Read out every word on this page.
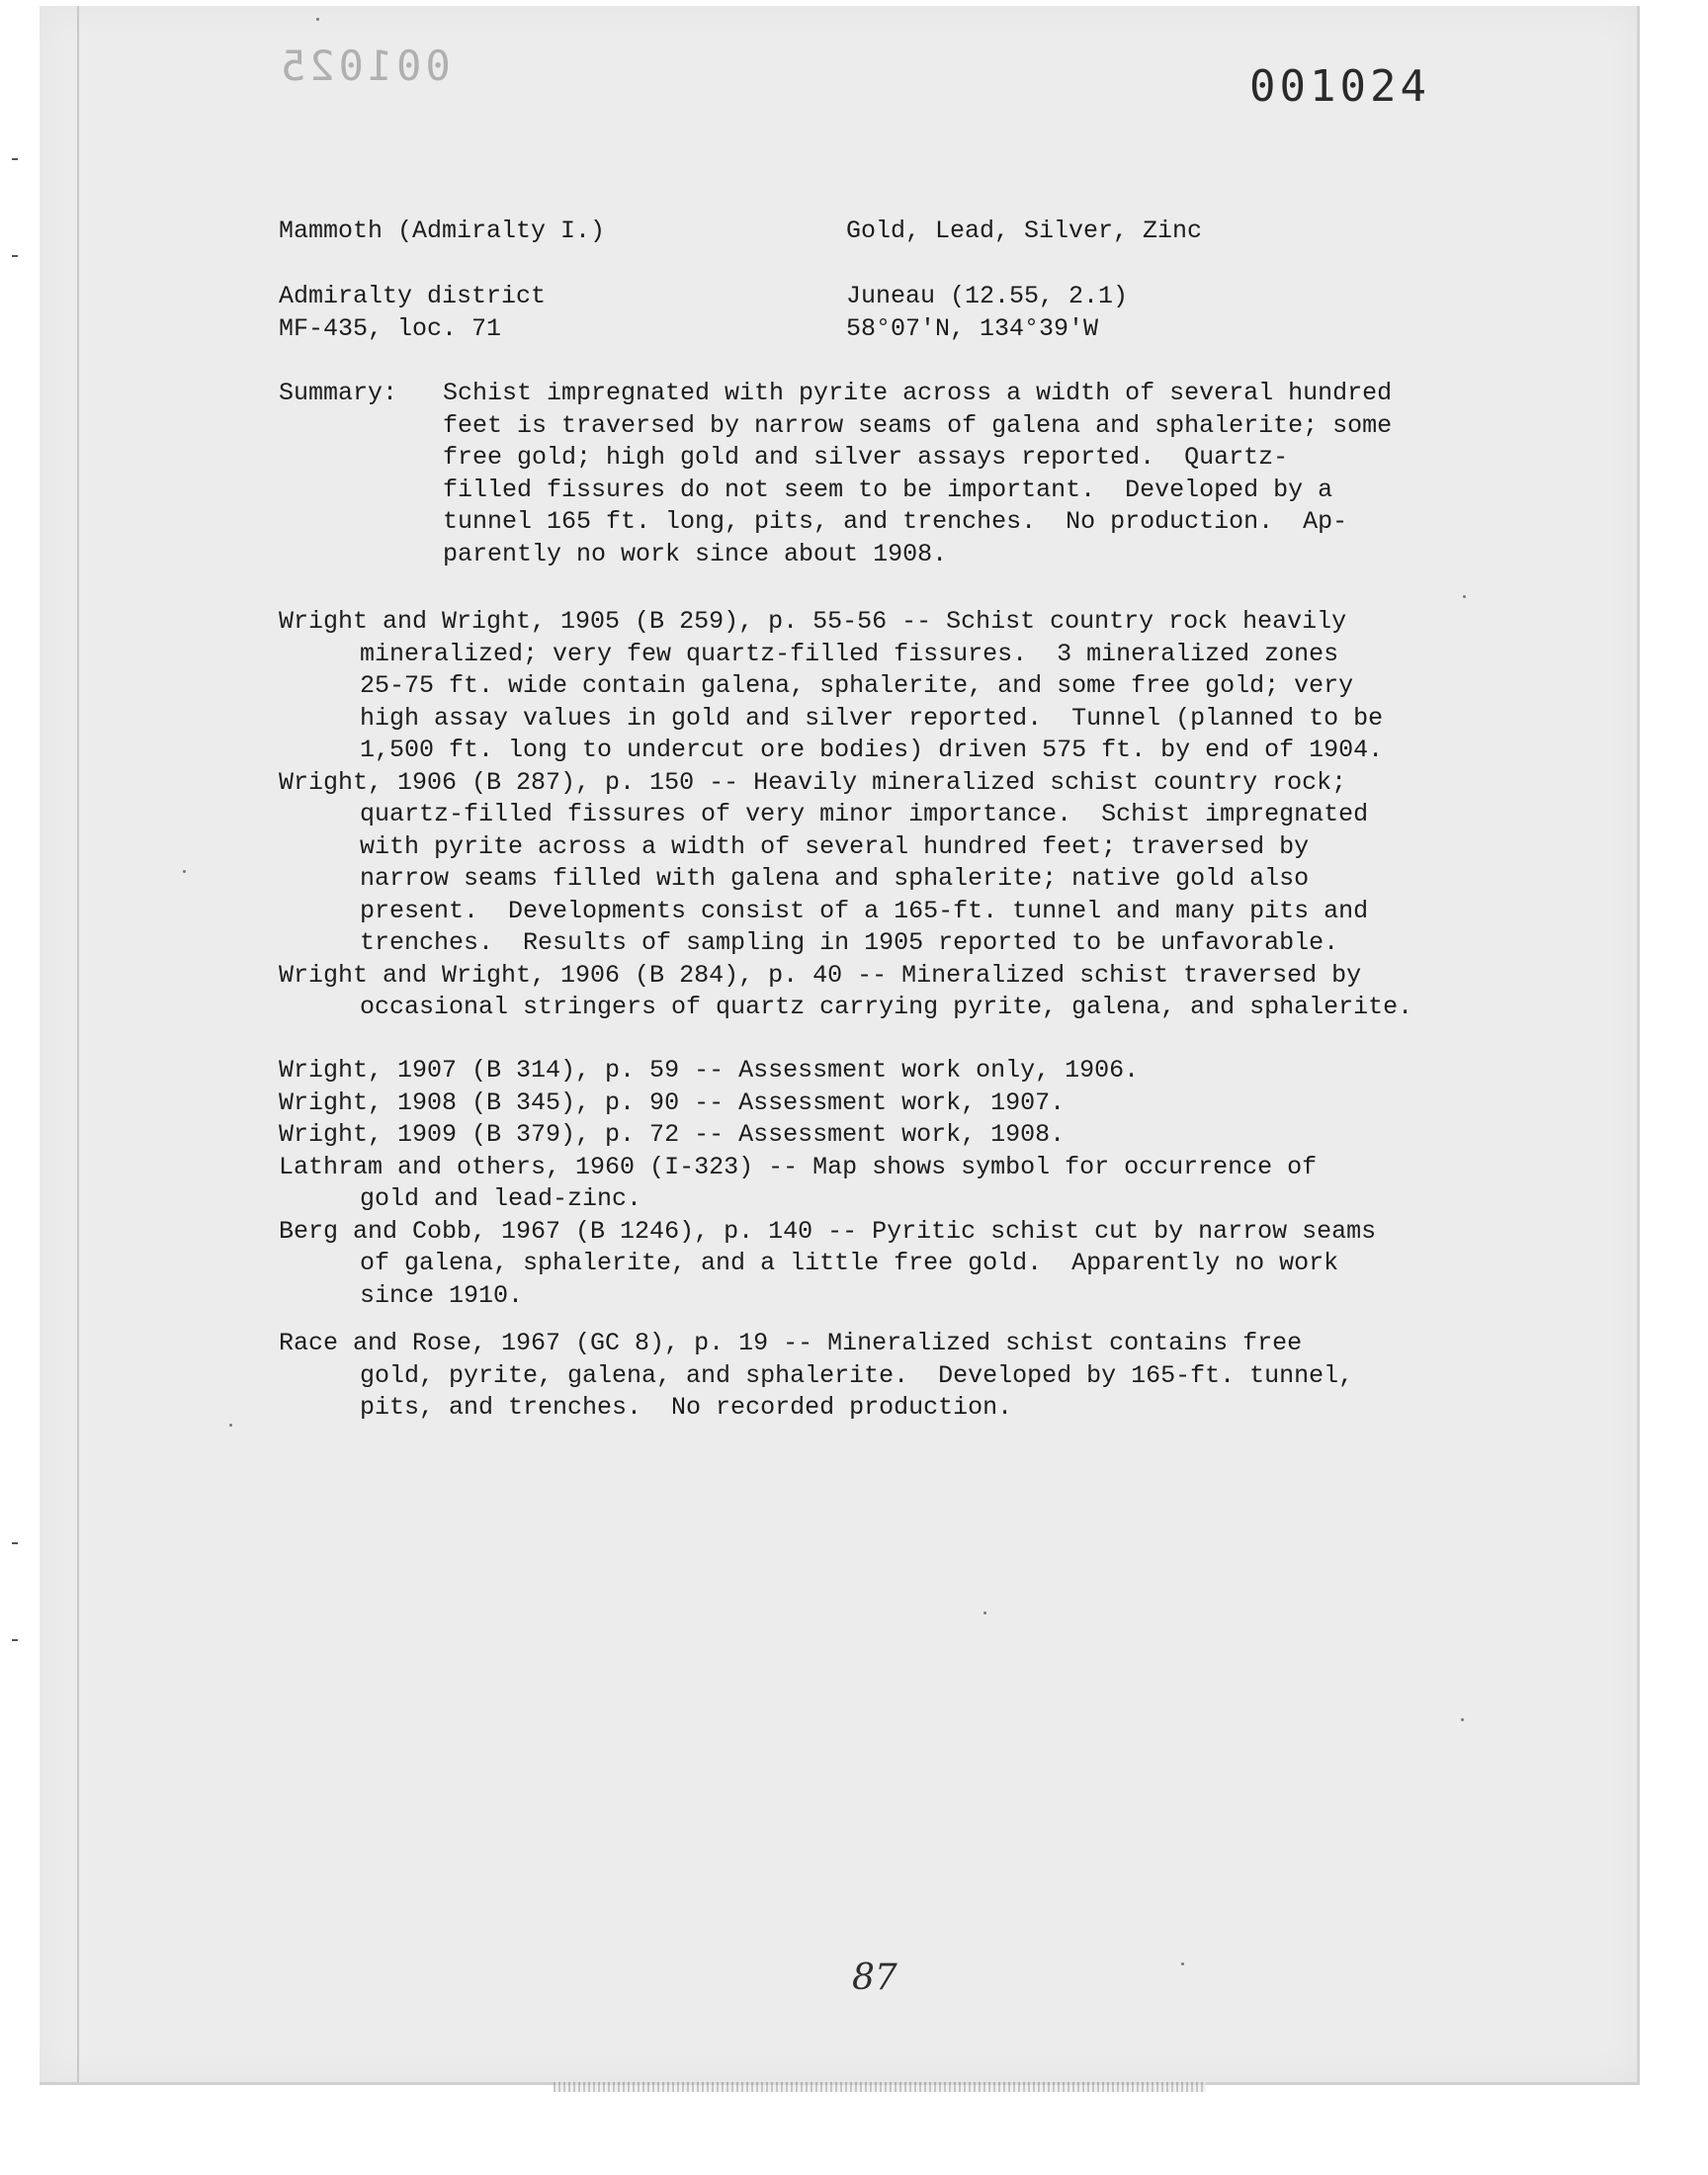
001025	001024

Mammoth (Admiralty I.)	Gold, Lead, Silver, Zinc

Admiralty district	Juneau (12.55, 2.1)

MF-435, loc. 71	58°07'N, 134°39'W

Summary: Schist impregnated with pyrite across a width of several hundred

feet is traversed by narrow seams of galena and sphalerite; some

free gold; high gold and silver assays reported.  Quartz-

filled fissures do not seem to be important.  Developed by a

tunnel 165 ft. long, pits, and trenches.  No production.  Ap-

parently no work since about 1908.

Wright and Wright, 1905 (B 259), p. 55-56 -- Schist country rock heavily

mineralized; very few quartz-filled fissures.  3 mineralized zones

25-75 ft. wide contain galena, sphalerite, and some free gold; very

high assay values in gold and silver reported.  Tunnel (planned to be

1,500 ft. long to undercut ore bodies) driven 575 ft. by end of 1904.

Wright, 1906 (B 287), p. 150 -- Heavily mineralized schist country rock;

quartz-filled fissures of very minor importance.  Schist impregnated

with pyrite across a width of several hundred feet; traversed by

narrow seams filled with galena and sphalerite; native gold also

present.  Developments consist of a 165-ft. tunnel and many pits and

trenches.  Results of sampling in 1905 reported to be unfavorable.

Wright and Wright, 1906 (B 284), p. 40 -- Mineralized schist traversed by

occasional stringers of quartz carrying pyrite, galena, and sphalerite.

Wright, 1907 (B 314), p. 59 -- Assessment work only, 1906.

Wright, 1908 (B 345), p. 90 -- Assessment work, 1907.

Wright, 1909 (B 379), p. 72 -- Assessment work, 1908.

Lathram and others, 1960 (I-323) -- Map shows symbol for occurrence of

gold and lead-zinc.

Berg and Cobb, 1967 (B 1246), p. 140 -- Pyritic schist cut by narrow seams

of galena, sphalerite, and a little free gold.  Apparently no work

since 1910.

Race and Rose, 1967 (GC 8), p. 19 -- Mineralized schist contains free

gold, pyrite, galena, and sphalerite.  Developed by 165-ft. tunnel,

pits, and trenches.  No recorded production.

87
